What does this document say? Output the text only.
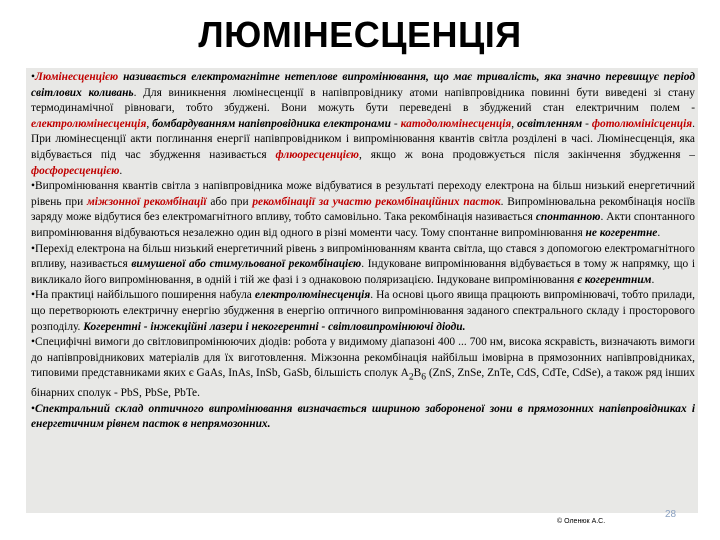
ЛЮМІНЕСЦЕНЦІЯ

•Люмінесценцією називається електромагнітне нетеплове випромінювання, що має тривалість, яка значно перевищує період світлових коливань. Для виникнення люмінесценції в напівпровіднику атоми напівпровідника повинні бути виведені зі стану термодинамічної рівноваги, тобто збуджені. Вони можуть бути переведені в збуджений стан електричним полем - електролюмінесценція, бомбардуванням напівпровідника електронами - катодолюмінесценція, освітленням - фотолюмінісценція. При люмінесценції акти поглинання енергії напівпровідником і випромінювання квантів світла розділені в часі. Люмінесценція, яка відбувається під час збудження називається флюоресценцією, якщо ж вона продовжується після закінчення збудження – фосфоресценцією.

•Випромінювання квантів світла з напівпровідника може відбуватися в результаті переходу електрона на більш низький енергетичний рівень при міжзонної рекомбінації або при рекомбінації за участю рекомбінаційних пасток. Випромінювальна рекомбінація носіїв заряду може відбутися без електромагнітного впливу, тобто самовільно. Така рекомбінація називається спонтанною. Акти спонтанного випромінювання відбуваються незалежно один від одного в різні моменти часу. Тому спонтанне випромінювання не когерентне.

•Перехід електрона на більш низький енергетичний рівень з випромінюванням кванта світла, що стався з допомогою електромагнітного впливу, називається вимушеної або стимульованої рекомбінацією. Індуковане випромінювання відбувається в тому ж напрямку, що і викликало його випромінювання, в одній і тій же фазі і з однаковою поляризацією. Індуковане випромінювання є когерентним.

•На практиці найбільшого поширення набула електролюмінесценція. На основі цього явища працюють випромінювачі, тобто прилади, що перетворюють електричну енергію збудження в енергію оптичного випромінювання заданого спектрального складу і просторового розподілу. Когерентні - інжекційні лазери і некогерентні - світловипромінюючі діоди.

•Специфічні вимоги до світловипромінюючих діодів: робота у видимому діапазоні 400 ... 700 нм, висока яскравість, визначають вимоги до напівпровідникових матеріалів для їх виготовлення. Міжзонна рекомбінація найбільш імовірна в прямозонних напівпровідниках, типовими представниками яких є GaAs, InAs, InSb, GaSb, більшість сполук $A_2B_6$ (ZnS, ZnSe, ZnTe, CdS, CdTe, CdSe), а також ряд інших бінарних сполук - PbS, PbSe, PbTe.

•Спектральний склад оптичного випромінювання визначається шириною забороненої зони в прямозонних напівпровідниках і енергетичним рівнем пасток в непрямозонних.

© Оленюк А.С.
28
